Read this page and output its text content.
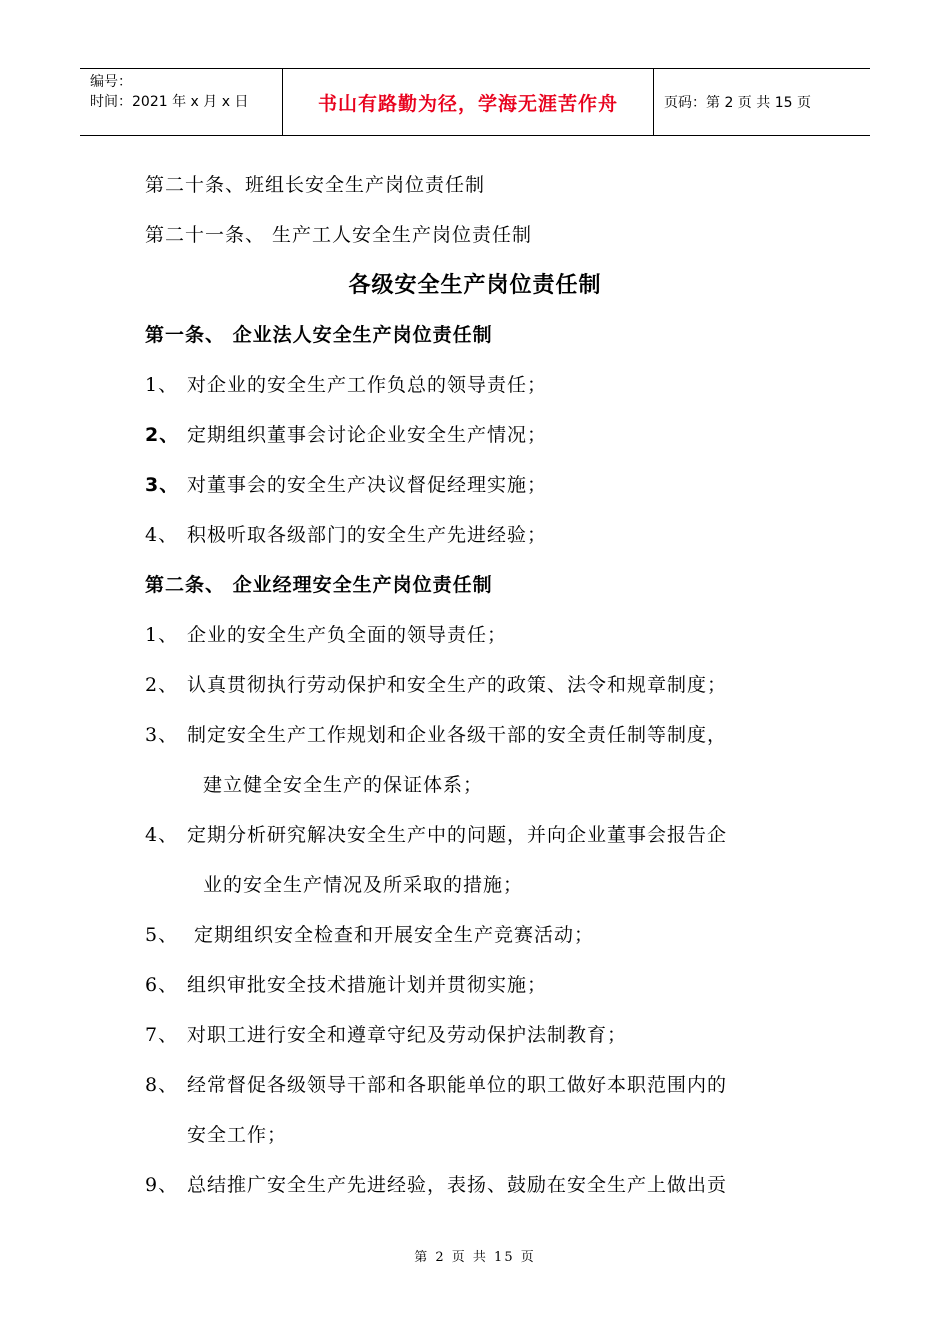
编号：
时间：2021 年 x 月 x 日	书山有路勤为径，学海无涯苦作舟	页码：第 2 页 共 15 页
第二十条、班组长安全生产岗位责任制
第二十一条、 生产工人安全生产岗位责任制
各级安全生产岗位责任制
第一条、 企业法人安全生产岗位责任制
1、 对企业的安全生产工作负总的领导责任；
2、 定期组织董事会讨论企业安全生产情况；
3、 对董事会的安全生产决议督促经理实施；
4、 积极听取各级部门的安全生产先进经验；
第二条、 企业经理安全生产岗位责任制
1、 企业的安全生产负全面的领导责任；
2、 认真贯彻执行劳动保护和安全生产的政策、法令和规章制度；
3、 制定安全生产工作规划和企业各级干部的安全责任制等制度，
建立健全安全生产的保证体系；
4、 定期分析研究解决安全生产中的问题，并向企业董事会报告企
业的安全生产情况及所采取的措施；
5、 定期组织安全检查和开展安全生产竞赛活动；
6、 组织审批安全技术措施计划并贯彻实施；
7、 对职工进行安全和遵章守纪及劳动保护法制教育；
8、 经常督促各级领导干部和各职能单位的职工做好本职范围内的
安全工作；
9、 总结推广安全生产先进经验，表扬、鼓励在安全生产上做出贡
第 2 页 共 15 页
